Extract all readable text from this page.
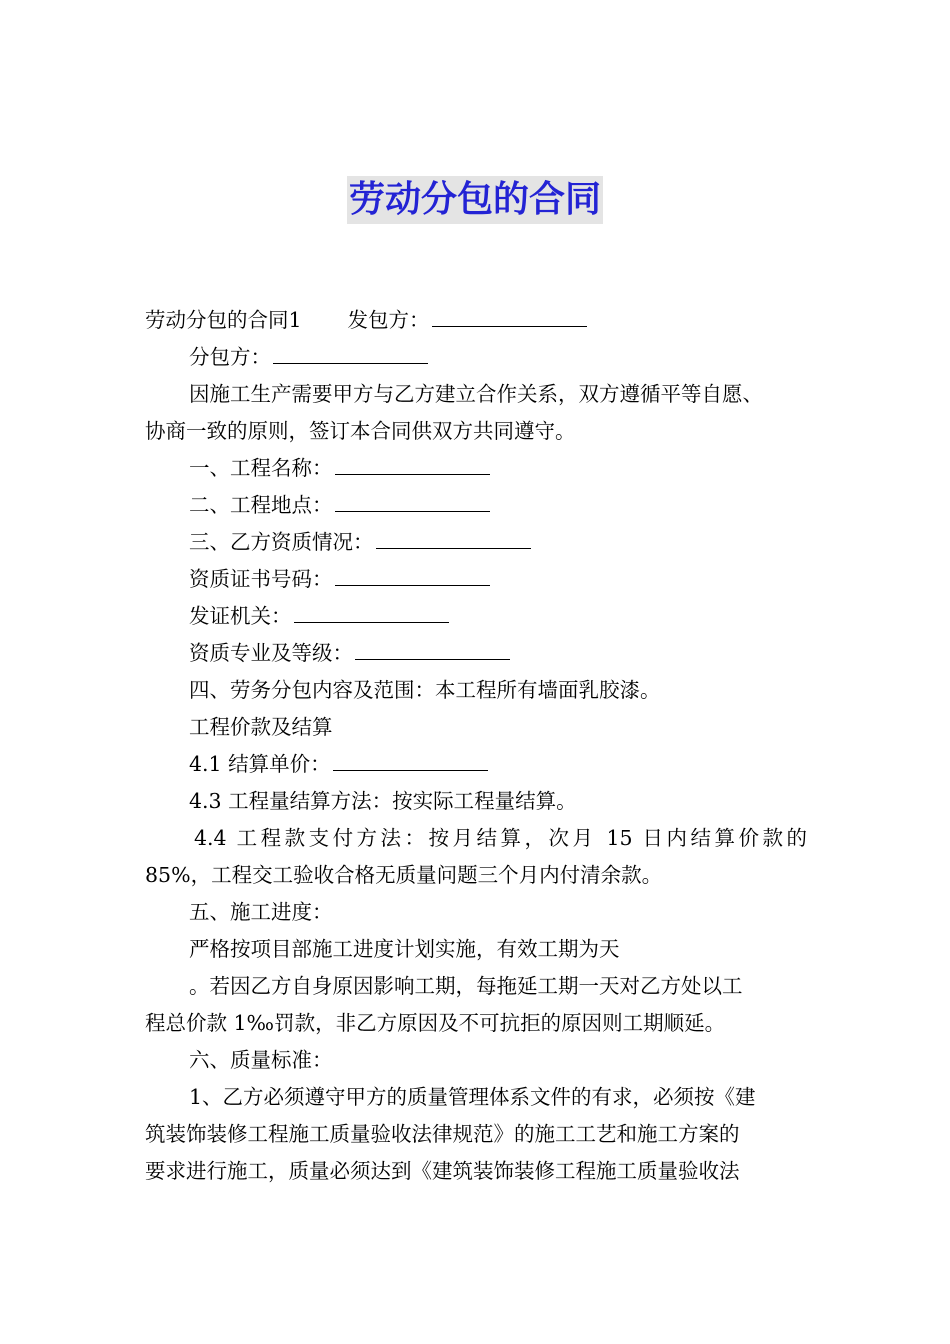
劳动分包的合同
劳动分包的合同1 发包方：
分包方：
因施工生产需要甲方与乙方建立合作关系，双方遵循平等自愿、
协商一致的原则，签订本合同供双方共同遵守。
一、工程名称：
二、工程地点：
三、乙方资质情况：
资质证书号码：
发证机关：
资质专业及等级：
四、劳务分包内容及范围：本工程所有墙面乳胶漆。
工程价款及结算
4.1 结算单价：
4.3 工程量结算方法：按实际工程量结算。
4.4 工程款支付方法：按月结算，次月 15 日内结算价款的
85%，工程交工验收合格无质量问题三个月内付清余款。
五、施工进度：
严格按项目部施工进度计划实施，有效工期为天
。若因乙方自身原因影响工期，每拖延工期一天对乙方处以工
程总价款 1‰罚款，非乙方原因及不可抗拒的原因则工期顺延。
六、质量标准：
1、乙方必须遵守甲方的质量管理体系文件的有求，必须按《建
筑装饰装修工程施工质量验收法律规范》的施工工艺和施工方案的
要求进行施工，质量必须达到《建筑装饰装修工程施工质量验收法
